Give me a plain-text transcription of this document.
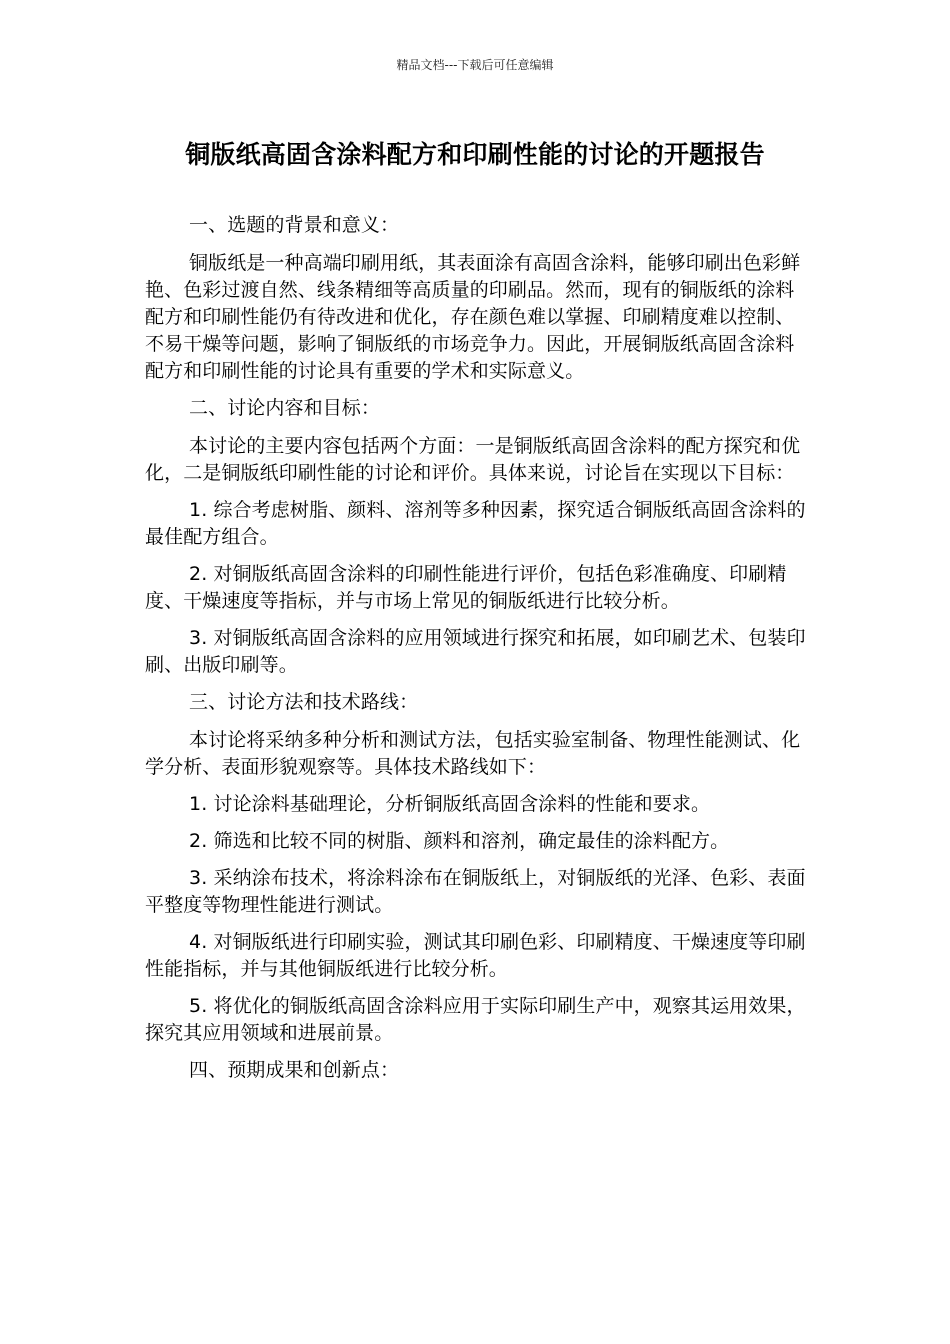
精品文档---下载后可任意编辑
铜版纸高固含涂料配方和印刷性能的讨论的开题报告

一、选题的背景和意义：

铜版纸是一种高端印刷用纸，其表面涂有高固含涂料，能够印刷出色彩鲜艳、色彩过渡自然、线条精细等高质量的印刷品。然而，现有的铜版纸的涂料配方和印刷性能仍有待改进和优化，存在颜色难以掌握、印刷精度难以控制、不易干燥等问题，影响了铜版纸的市场竞争力。因此，开展铜版纸高固含涂料配方和印刷性能的讨论具有重要的学术和实际意义。

二、讨论内容和目标：

本讨论的主要内容包括两个方面：一是铜版纸高固含涂料的配方探究和优化，二是铜版纸印刷性能的讨论和评价。具体来说，讨论旨在实现以下目标：

1. 综合考虑树脂、颜料、溶剂等多种因素，探究适合铜版纸高固含涂料的最佳配方组合。

2. 对铜版纸高固含涂料的印刷性能进行评价，包括色彩准确度、印刷精度、干燥速度等指标，并与市场上常见的铜版纸进行比较分析。

3. 对铜版纸高固含涂料的应用领域进行探究和拓展，如印刷艺术、包装印刷、出版印刷等。

三、讨论方法和技术路线：

本讨论将采纳多种分析和测试方法，包括实验室制备、物理性能测试、化学分析、表面形貌观察等。具体技术路线如下：

1. 讨论涂料基础理论，分析铜版纸高固含涂料的性能和要求。

2. 筛选和比较不同的树脂、颜料和溶剂，确定最佳的涂料配方。

3. 采纳涂布技术，将涂料涂布在铜版纸上，对铜版纸的光泽、色彩、表面平整度等物理性能进行测试。

4. 对铜版纸进行印刷实验，测试其印刷色彩、印刷精度、干燥速度等印刷性能指标，并与其他铜版纸进行比较分析。

5. 将优化的铜版纸高固含涂料应用于实际印刷生产中，观察其运用效果，探究其应用领域和进展前景。

四、预期成果和创新点：
